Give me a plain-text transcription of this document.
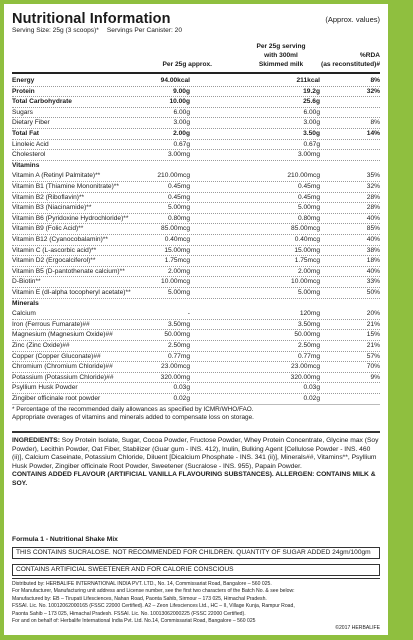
Nutritional Information	(Approx. values)
Serving Size: 25g (3 scoops)* Servings Per Canister: 20
Per 25g serving
with 300ml
Skimmed milk
Per 25g approx.
%RDA
(as reconstituted)#
Energy	94.00kcal	211kcal	8%
Protein	9.00g	19.2g	32%
Total Carbohydrate	10.00g	25.6g
Sugars	6.00g	6.00g
Dietary Fiber	3.00g	3.00g	8%
Total Fat	2.00g	3.50g	14%
Linoleic Acid	0.67g	0.67g
Cholesterol	3.00mg	3.00mg
Vitamins
Vitamin A (Retinyl Palmitate)**	210.00mcg	210.00mcg	35%
Vitamin B1 (Thiamine Mononitrate)**	0.45mg	0.45mg	32%
Vitamin B2 (Riboflavin)**	0.45mg	0.45mg	28%
Vitamin B3 (Niacinamide)**	5.00mg	5.00mg	28%
Vitamin B6 (Pyridoxine Hydrochloride)**	0.80mg	0.80mg	40%
Vitamin B9 (Folic Acid)**	85.00mcg	85.00mcg	85%
Vitamin B12 (Cyanocobalamin)**	0.40mcg	0.40mcg	40%
Vitamin C (L-ascorbic acid)**	15.00mg	15.00mg	38%
Vitamin D2 (Ergocalciferol)**	1.75mcg	1.75mcg	18%
Vitamin B5 (D-pantothenate calcium)**	2.00mg	2.00mg	40%
D-Biotin**	10.00mcg	10.00mcg	33%
Vitamin E (dl-alpha tocopheryl acetate)**	5.00mg	5.00mg	50%
Minerals
Calcium	-	120mg	20%
Iron (Ferrous Fumarate)##	3.50mg	3.50mg	21%
Magnesium (Magnesium Oxide)##	50.00mg	50.00mg	15%
Zinc (Zinc Oxide)##	2.50mg	2.50mg	21%
Copper (Copper Gluconate)##	0.77mg	0.77mg	57%
Chromium (Chromium Chloride)##	23.00mcg	23.00mcg	70%
Potassium (Potassium Chloride)##	320.00mg	320.00mg	9%
Psyllium Husk Powder	0.03g	0.03g
Zingiber officinale root powder	0.02g	0.02g
* Percentage of the recommended daily allowances as specified by ICMR/WHO/FAO.
Appropriate overages of vitamins and minerals added to compensate loss on storage.
INGREDIENTS: Soy Protein Isolate, Sugar, Cocoa Powder, Fructose Powder, Whey Protein Concentrate, Glycine max (Soy Powder), Lecithin Powder, Oat Fiber, Stabilizer (Guar gum - INS. 412), Inulin, Bulking Agent [Cellulose Powder - INS. 460 (ii)], Calcium Caseinate, Potassium Chloride, Diluent [Dicalcium Phosphate - INS. 341 (ii)], Minerals##, Vitamins**, Psyllium Husk Powder, Zingiber officinale Root Powder, Sweetener (Sucralose - INS. 955), Papain Powder.
CONTAINS ADDED FLAVOUR (ARTIFICIAL VANILLA FLAVOURING SUBSTANCES). ALLERGEN: CONTAINS MILK & SOY.
Formula 1 - Nutritional Shake Mix
THIS CONTAINS SUCRALOSE. NOT RECOMMENDED FOR CHILDREN. QUANTITY OF SUGAR ADDED 24gm/100gm
CONTAINS ARTIFICIAL SWEETENER AND FOR CALORIE CONSCIOUS
Distributed by: HERBALIFE INTERNATIONAL INDIA PVT. LTD., No. 14, Commissariat Road, Bangalore – 560 025.
For Manufacturer, Manufacturing unit address and License number, see the first two characters of the Batch No. & see below:
Manufactured by: EB – Tirupati Lifesciences, Nahan Road, Paonta Sahib, Sirmour – 173 025, Himachal Pradesh.
FSSAI. Lic. No. 10012062000165 (FSSC 22000 Certified). A2 – Zeon Lifesciences Ltd., HC – II, Village Kunja, Rampur Road,
Paonta Sahib – 173 025, Himachal Pradesh. FSSAI. Lic. No. 10013062000225 (FSSC 22000 Certified).
For and on behalf of: Herbalife International India Pvt. Ltd. No.14, Commissariat Road, Bangalore – 560 025
©2017 HERBALIFE
